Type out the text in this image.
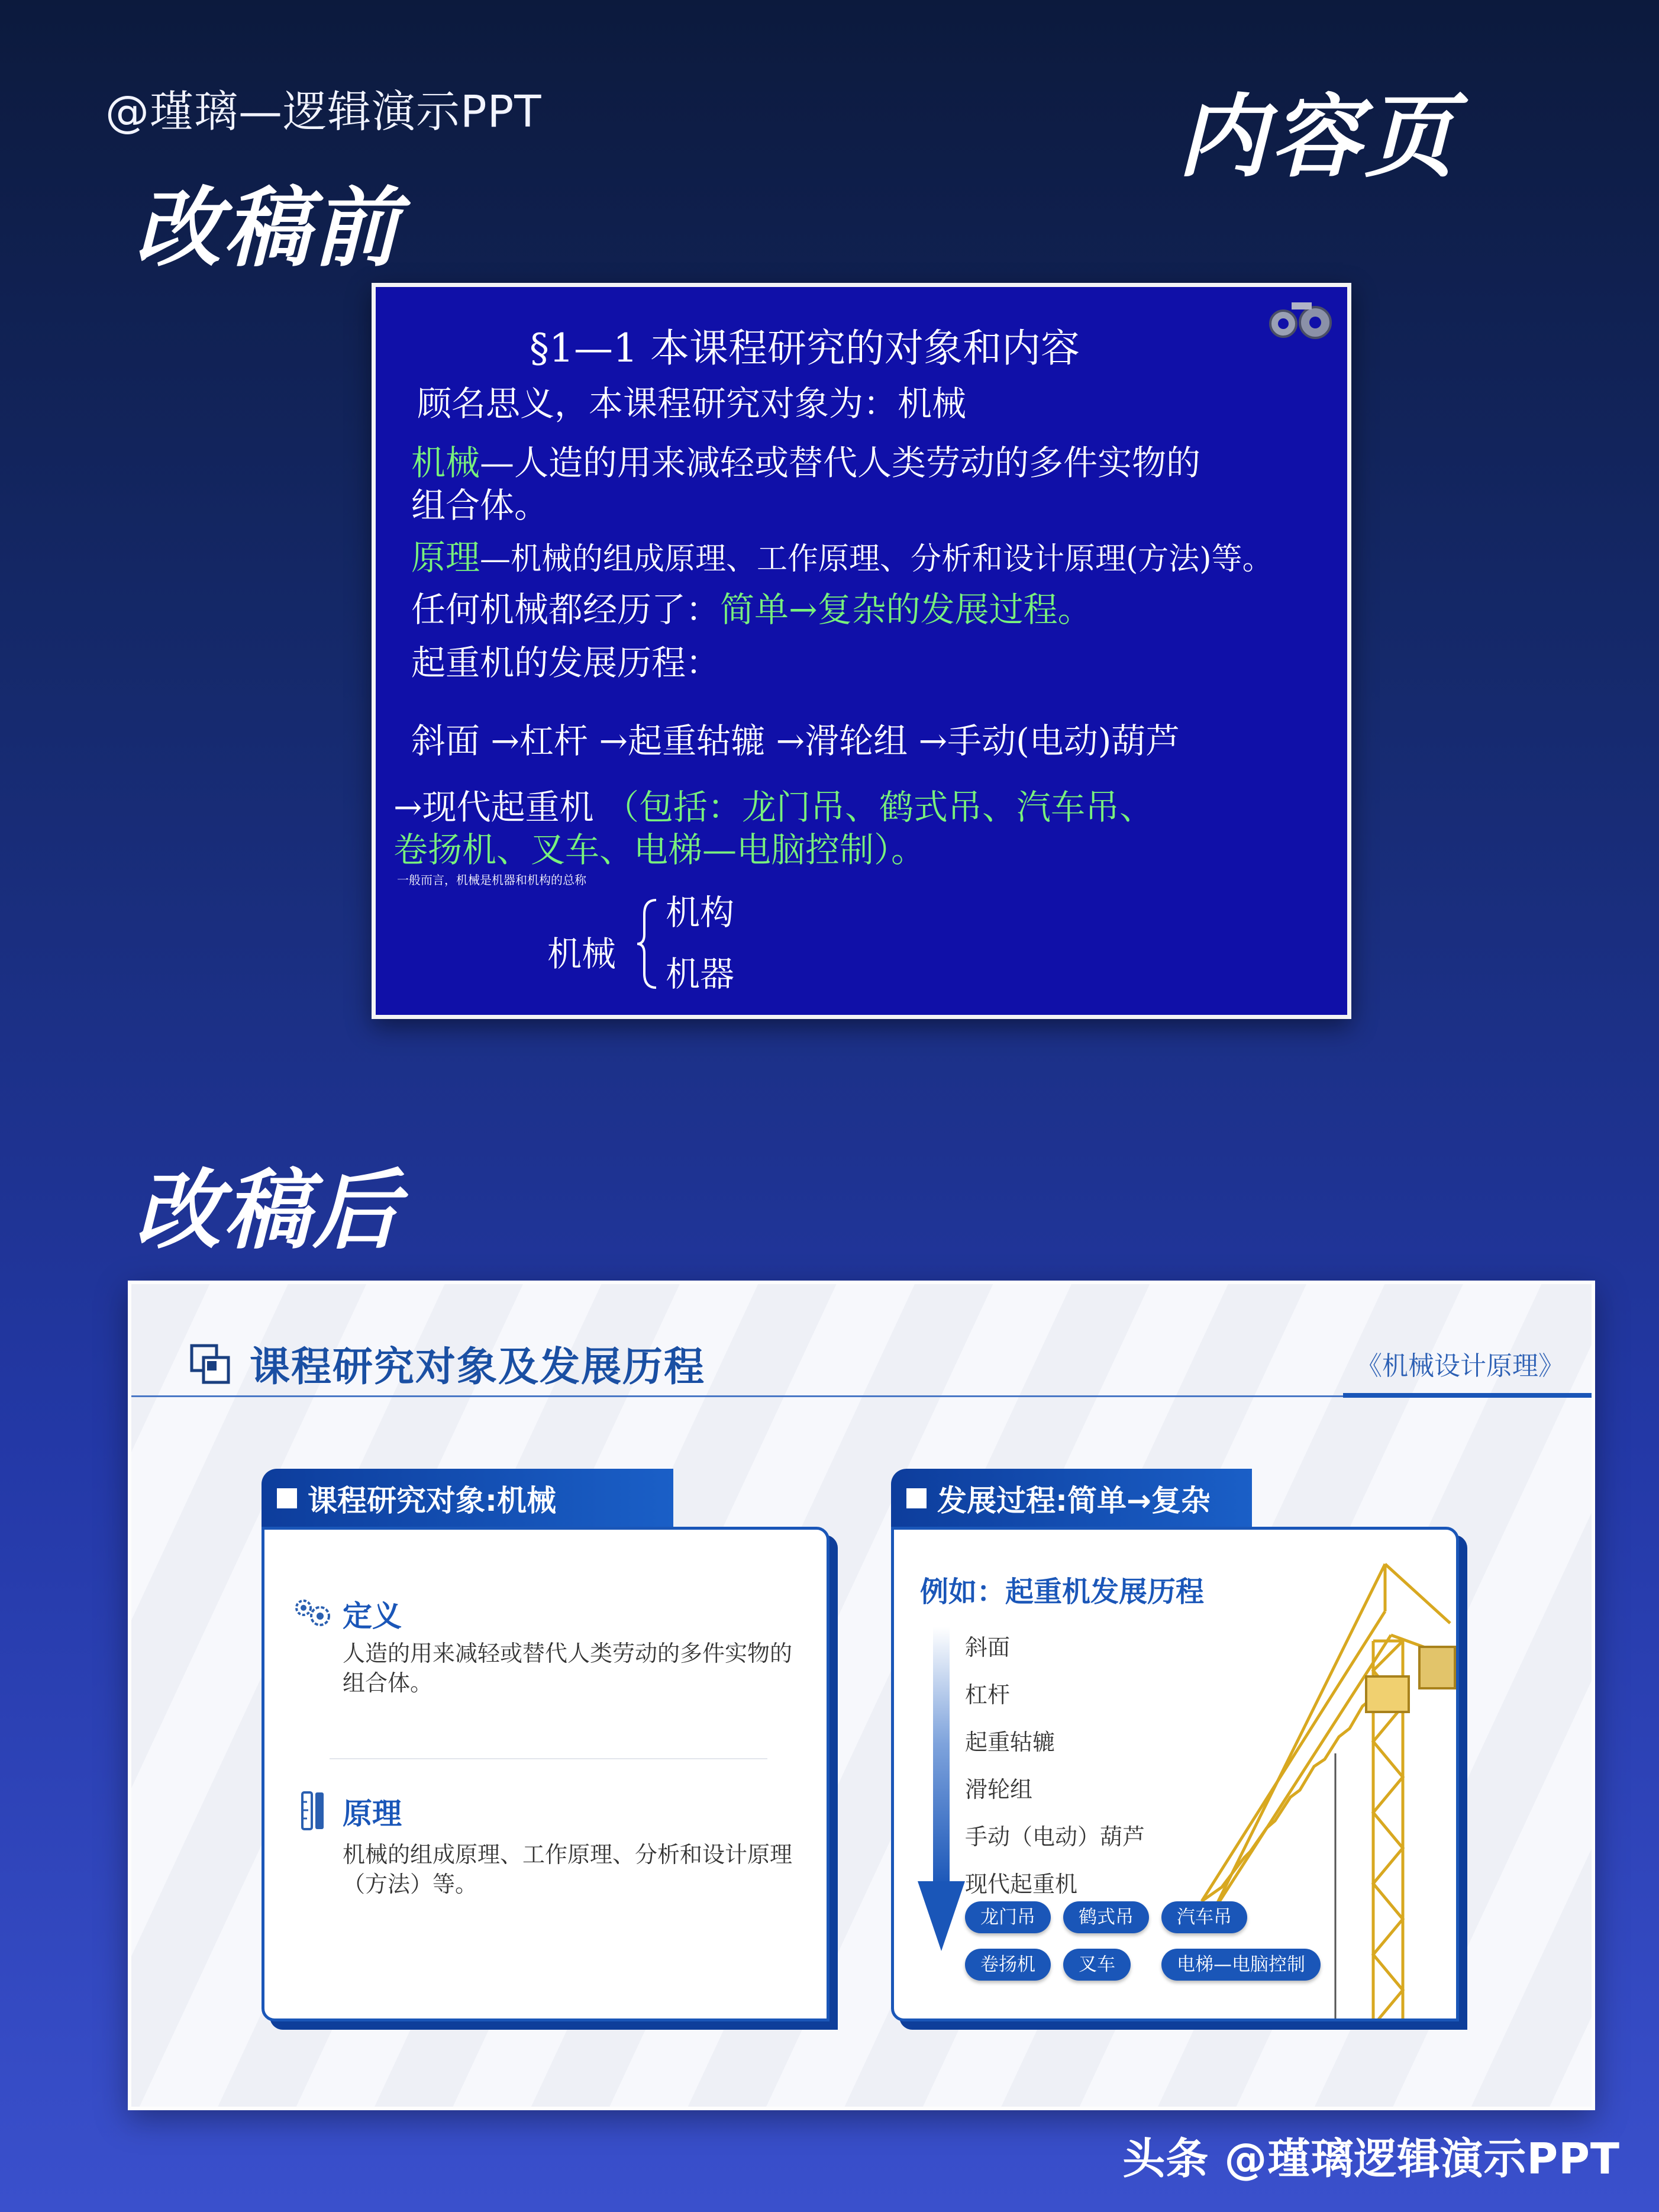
@瑾璃—逻辑演示PPT	内容页
改稿前
§1—1 本课程研究的对象和内容
顾名思义，本课程研究对象为：机械
机械—人造的用来减轻或替代人类劳动的多件实物的
组合体。
原理—机械的组成原理、工作原理、分析和设计原理(方法)等。
任何机械都经历了：简单→复杂的发展过程。
起重机的发展历程：
斜面 →杠杆 →起重轱辘 →滑轮组 →手动(电动)葫芦
→现代起重机 （包括：龙门吊、鹤式吊、汽车吊、
卷扬机、叉车、电梯—电脑控制）。
一般而言，机械是机器和机构的总称
机械
机构
机器
改稿后
课程研究对象及发展历程	《机械设计原理》
课程研究对象:机械
定义
人造的用来减轻或替代人类劳动的多件实物的组合体。
原理
机械的组成原理、工作原理、分析和设计原理（方法）等。
发展过程:简单→复杂
例如：起重机发展历程
斜面
杠杆
起重轱辘
滑轮组
手动（电动）葫芦
现代起重机
龙门吊	鹤式吊	汽车吊
卷扬机	叉车	电梯—电脑控制
头条 @瑾璃逻辑演示PPT
